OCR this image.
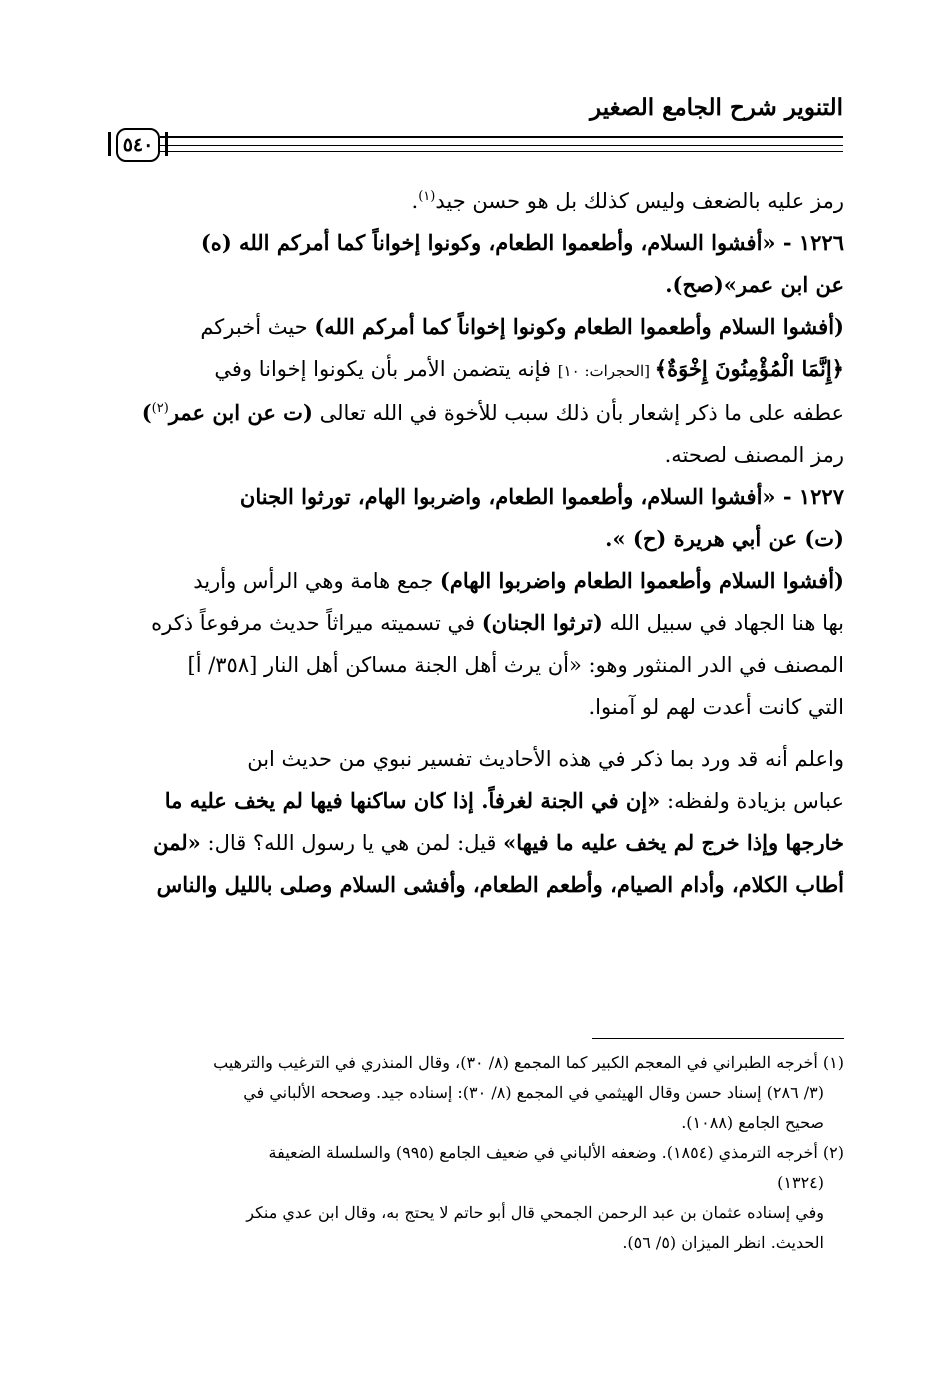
التنوير شرح الجامع الصغير
٥٤٠
رمز عليه بالضعف وليس كذلك بل هو حسن جيد$^{(١)}$.
١٢٢٦ - «أفشوا السلام، وأطعموا الطعام، وكونوا إخواناً كما أمركم الله (ه)
عن ابن عمر»(صح).
(أفشوا السلام وأطعموا الطعام وكونوا إخواناً كما أمركم الله) حيث أخبركم
﴿إِنَّمَا الْمُؤْمِنُونَ إِخْوَةٌ﴾ [الحجرات: ١٠] فإنه يتضمن الأمر بأن يكونوا إخوانا وفي
عطفه على ما ذكر إشعار بأن ذلك سبب للأخوة في الله تعالى (ت عن ابن عمر$^{(٢)}$)
رمز المصنف لصحته.
١٢٢٧ - «أفشوا السلام، وأطعموا الطعام، واضربوا الهام، تورثوا الجنان
(ت) عن أبي هريرة (ح) ».
(أفشوا السلام وأطعموا الطعام واضربوا الهام) جمع هامة وهي الرأس وأريد
بها هنا الجهاد في سبيل الله (ترثوا الجنان) في تسميته ميراثاً حديث مرفوعاً ذكره
المصنف في الدر المنثور وهو: «أن يرث أهل الجنة مساكن أهل النار [٣٥٨/ أ]
التي كانت أعدت لهم لو آمنوا.
واعلم أنه قد ورد بما ذكر في هذه الأحاديث تفسير نبوي من حديث ابن
عباس بزيادة ولفظه: «إن في الجنة لغرفاً. إذا كان ساكنها فيها لم يخف عليه ما
خارجها وإذا خرج لم يخف عليه ما فيها» قيل: لمن هي يا رسول الله؟ قال: «لمن
أطاب الكلام، وأدام الصيام، وأطعم الطعام، وأفشى السلام وصلى بالليل والناس
(١) أخرجه الطبراني في المعجم الكبير كما المجمع (٨/ ٣٠)، وقال المنذري في الترغيب والترهيب
(٣/ ٢٨٦) إسناد حسن وقال الهيثمي في المجمع (٨/ ٣٠): إسناده جيد. وصححه الألباني في
صحيح الجامع (١٠٨٨).
(٢) أخرجه الترمذي (١٨٥٤). وضعفه الألباني في ضعيف الجامع (٩٩٥) والسلسلة الضعيفة
(١٣٢٤)
وفي إسناده عثمان بن عبد الرحمن الجمحي قال أبو حاتم لا يحتج به، وقال ابن عدي منكر
الحديث. انظر الميزان (٥/ ٥٦).
